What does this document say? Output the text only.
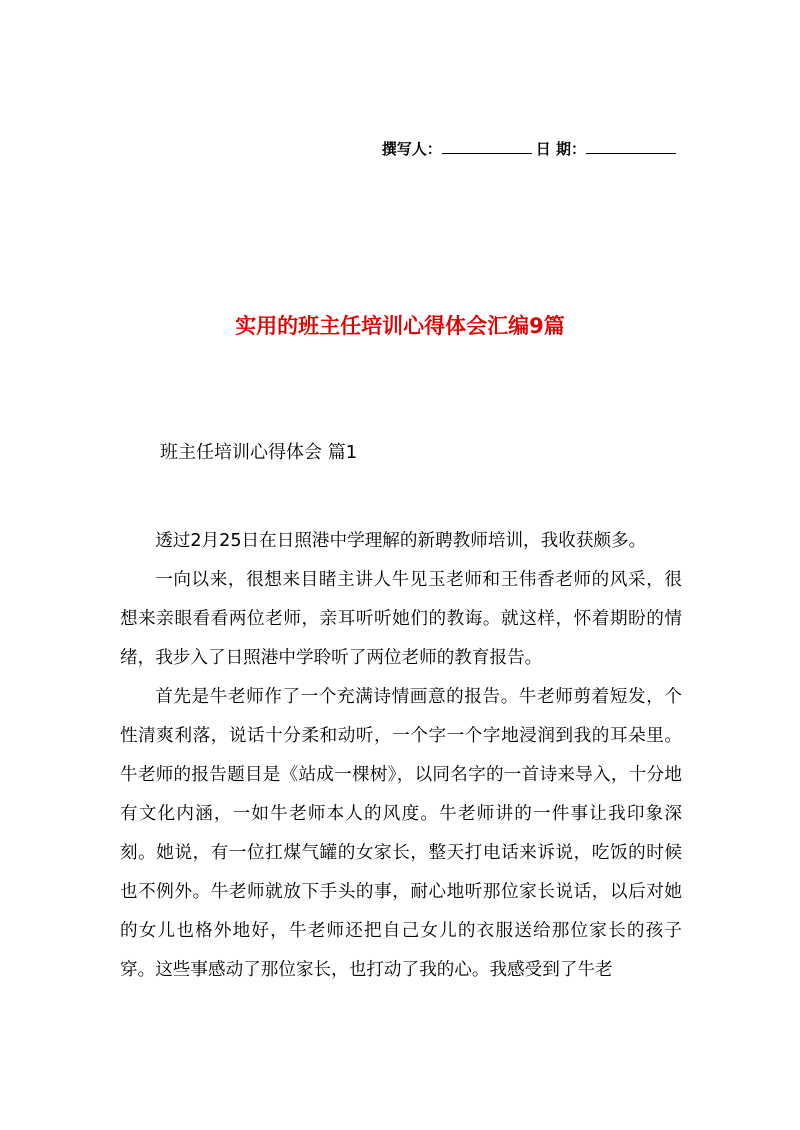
撰写人：	日 期：
实用的班主任培训心得体会汇编9篇
班主任培训心得体会 篇1

透过2月25日在日照港中学理解的新聘教师培训，我收获颇多。

一向以来，很想来目睹主讲人牛见玉老师和王伟香老师的风采，很想来亲眼看看两位老师，亲耳听听她们的教诲。就这样，怀着期盼的情绪，我步入了日照港中学聆听了两位老师的教育报告。

首先是牛老师作了一个充满诗情画意的报告。牛老师剪着短发，个性清爽利落，说话十分柔和动听，一个字一个字地浸润到我的耳朵里。牛老师的报告题目是《站成一棵树》，以同名字的一首诗来导入，十分地有文化内涵，一如牛老师本人的风度。牛老师讲的一件事让我印象深刻。她说，有一位扛煤气罐的女家长，整天打电话来诉说，吃饭的时候也不例外。牛老师就放下手头的事，耐心地听那位家长说话，以后对她的女儿也格外地好，牛老师还把自己女儿的衣服送给那位家长的孩子穿。这些事感动了那位家长，也打动了我的心。我感受到了牛老
